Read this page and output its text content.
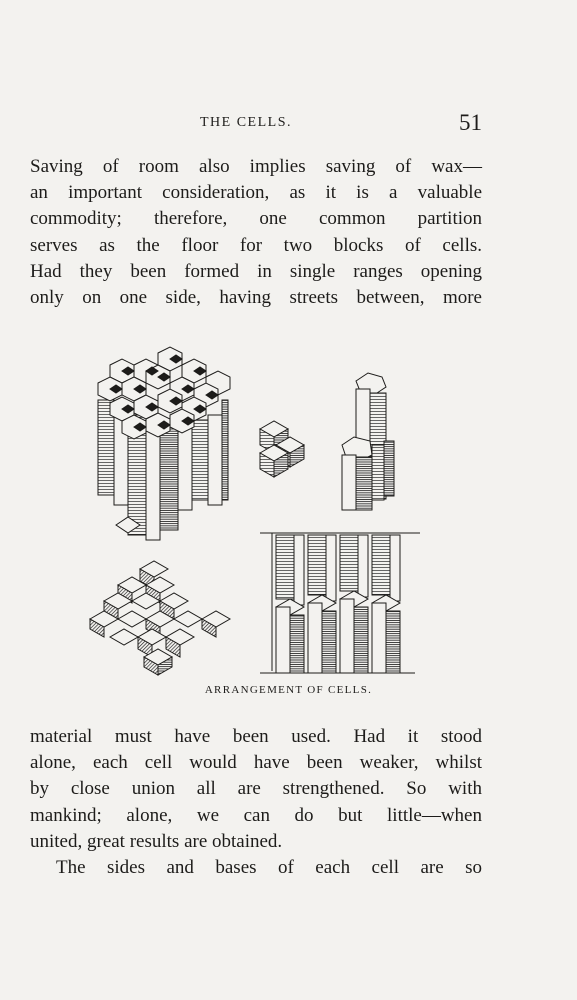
THE CELLS.	51

Saving of room also implies saving of wax—
an important consideration, as it is a valuable
commodity; therefore, one common partition
serves as the floor for two blocks of cells.
Had they been formed in single ranges opening
only on one side, having streets between, more

ARRANGEMENT OF CELLS.

material must have been used. Had it stood
alone, each cell would have been weaker, whilst
by close union all are strengthened. So with
mankind; alone, we can do but little—when
united, great results are obtained.

The sides and bases of each cell are so
